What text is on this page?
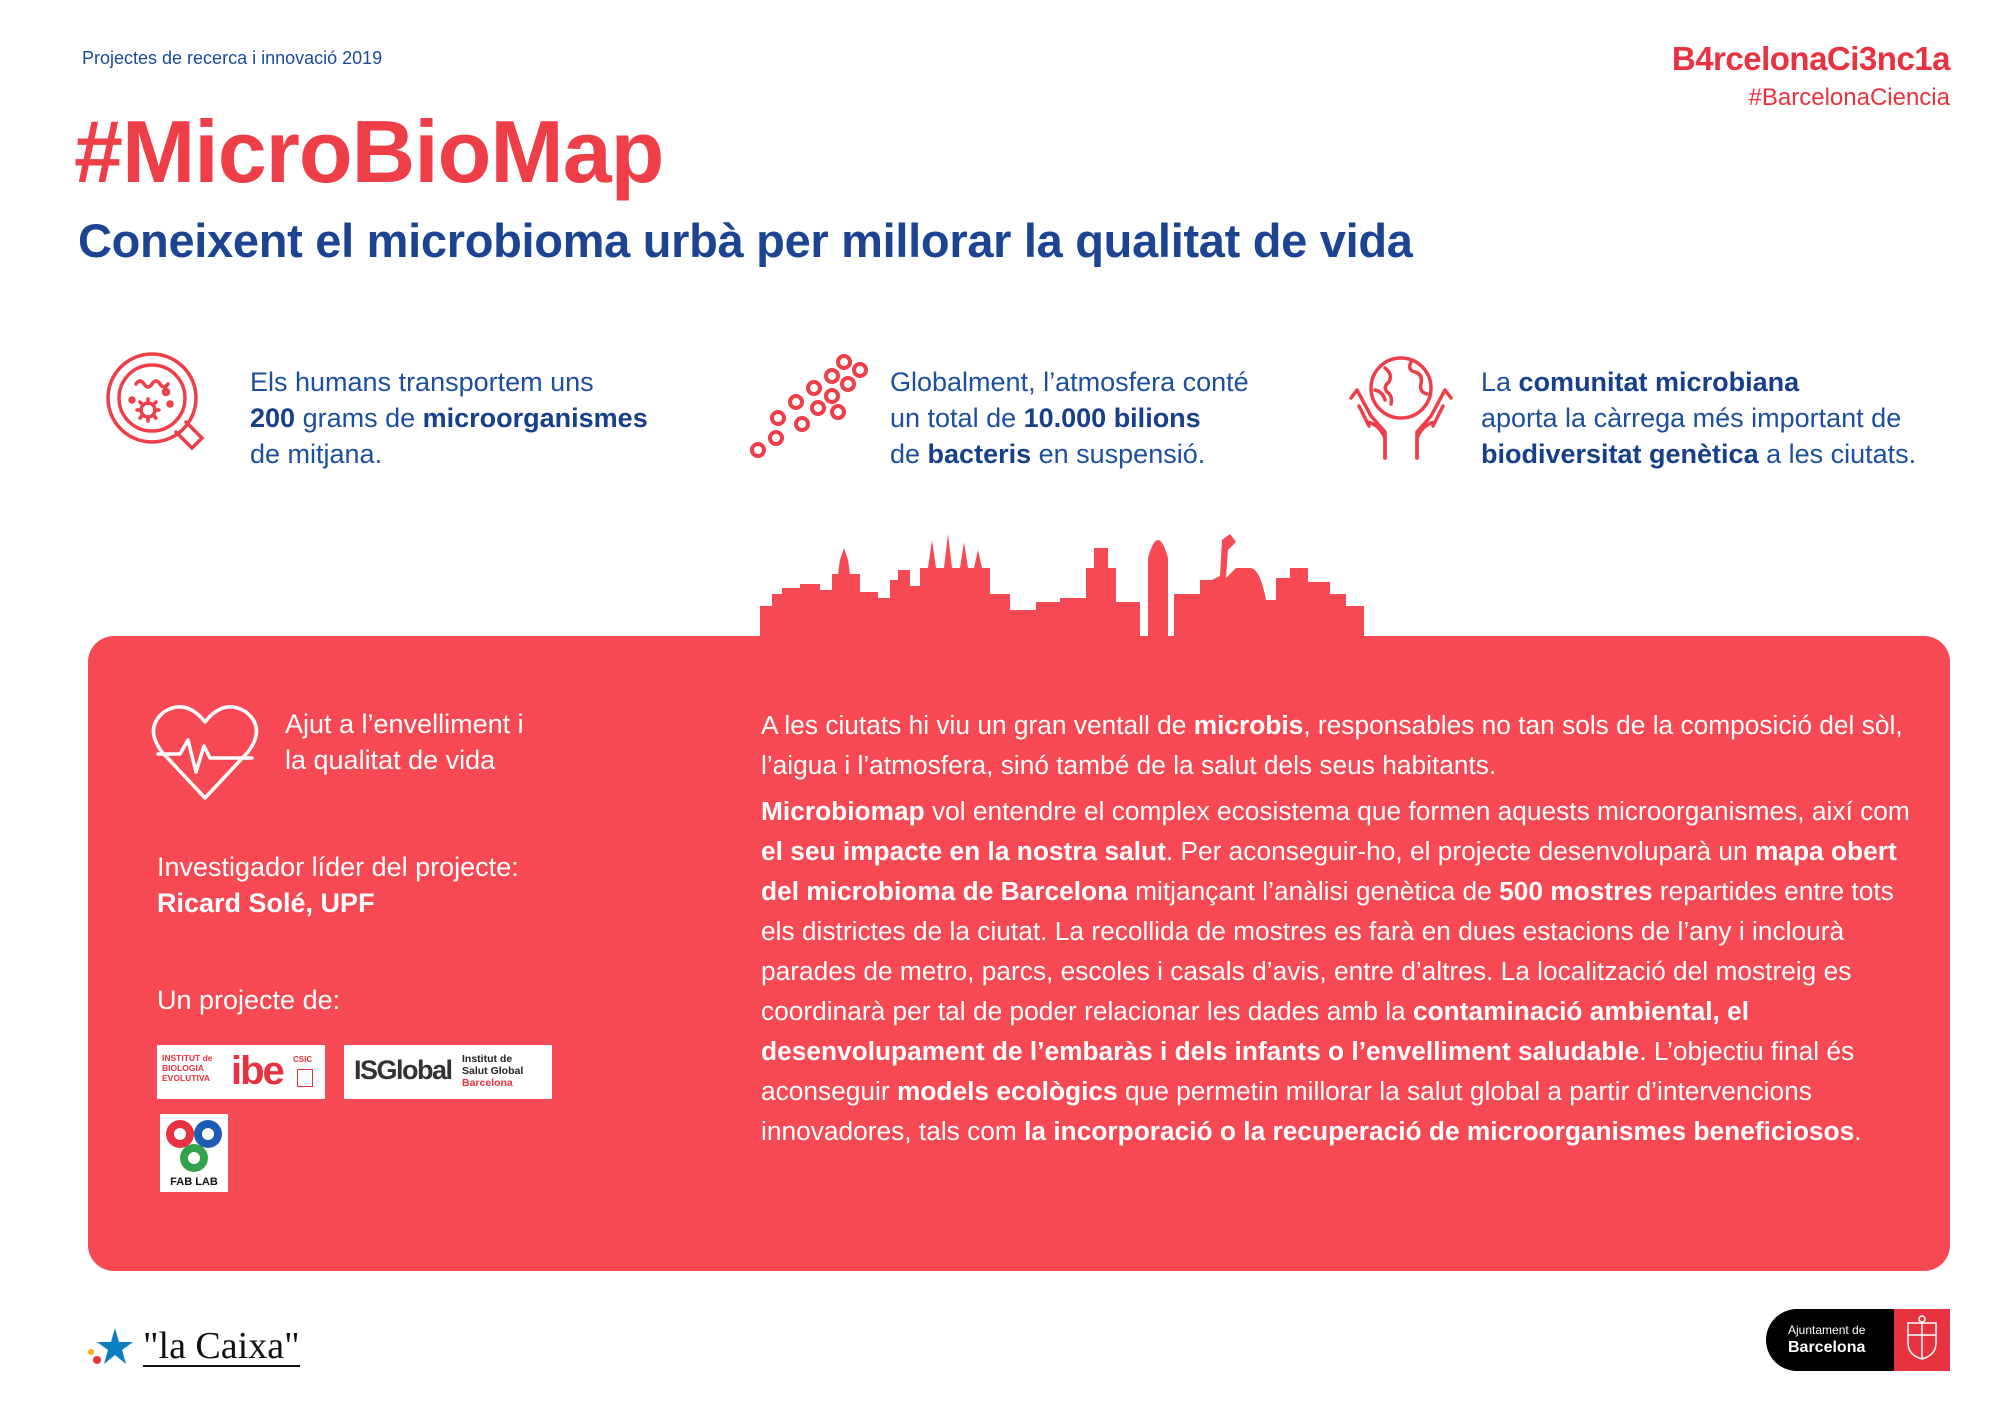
Projectes de recerca i innovació 2019	B4rcelonaCi3nc1a
#BarcelonaCiencia
#MicroBioMap
Coneixent el microbioma urbà per millorar la qualitat de vida
Els humans transportem uns
200 grams de microorganismes
de mitjana.
Globalment, l’atmosfera conté
un total de 10.000 bilions
de bacteris en suspensió.
La comunitat microbiana
aporta la càrrega més important de
biodiversitat genètica a les ciutats.
Ajut a l’envelliment i
la qualitat de vida
Investigador líder del projecte:
Ricard Solé, UPF
Un projecte de:
INSTITUT de
BIOLOGIA
EVOLUTIVA ibe CSIC ISGlobal Institut de
Salut Global
Barcelona
FAB LAB

A les ciutats hi viu un gran ventall de microbis, responsables no tan sols de la composició del sòl, l’aigua i l’atmosfera, sinó també de la salut dels seus habitants.

Microbiomap vol entendre el complex ecosistema que formen aquests microorganismes, així com el seu impacte en la nostra salut. Per aconseguir-ho, el projecte desenvoluparà un mapa obert del microbioma de Barcelona mitjançant l’anàlisi genètica de 500 mostres repartides entre tots els districtes de la ciutat. La recollida de mostres es farà en dues estacions de l’any i inclourà parades de metro, parcs, escoles i casals d’avis, entre d’altres. La localització del mostreig es coordinarà per tal de poder relacionar les dades amb la contaminació ambiental, el desenvolupament de l’embaràs i dels infants o l’envelliment saludable. L’objectiu final és aconseguir models ecològics que permetin millorar la salut global a partir d’intervencions innovadores, tals com la incorporació o la recuperació de microorganismes beneficiosos.

"la Caixa"	Ajuntament de
Barcelona
